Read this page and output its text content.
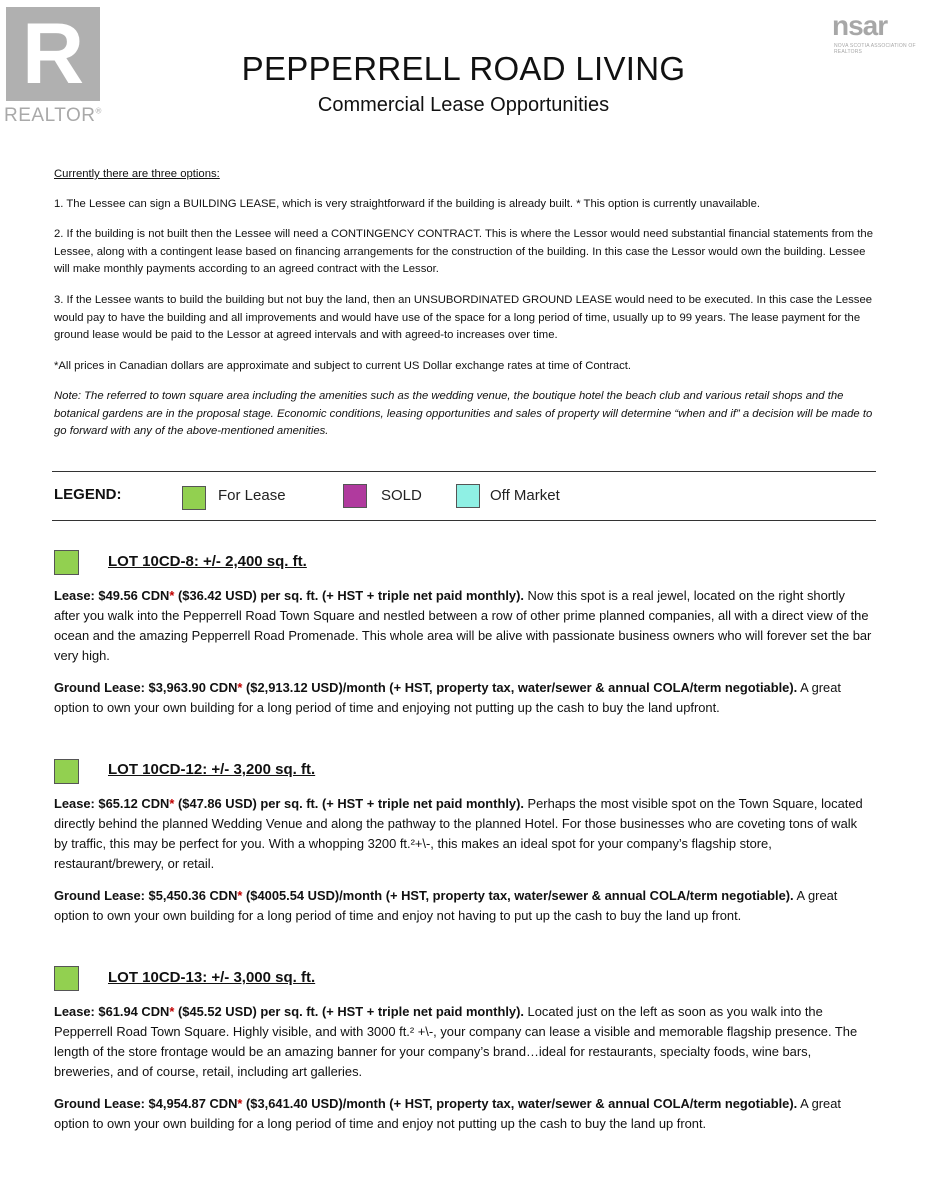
R
REALTOR®
nsar
NOVA SCOTIA ASSOCIATION OF REALTORS
PEPPERRELL ROAD LIVING
Commercial Lease Opportunities
Currently there are three options:
1. The Lessee can sign a BUILDING LEASE, which is very straightforward if the building is already built. * This option is currently unavailable.
2. If the building is not built then the Lessee will need a CONTINGENCY CONTRACT. This is where the Lessor would need substantial financial statements from the Lessee, along with a contingent lease based on financing arrangements for the construction of the building. In this case the Lessor would own the building. Lessee will make monthly payments according to an agreed contract with the Lessor.
3. If the Lessee wants to build the building but not buy the land, then an UNSUBORDINATED GROUND LEASE would need to be executed. In this case the Lessee would pay to have the building and all improvements and would have use of the space for a long period of time, usually up to 99 years. The lease payment for the ground lease would be paid to the Lessor at agreed intervals and with agreed-to increases over time.
*All prices in Canadian dollars are approximate and subject to current US Dollar exchange rates at time of Contract.
Note: The referred to town square area including the amenities such as the wedding venue, the boutique hotel the beach club and various retail shops and the botanical gardens are in the proposal stage. Economic conditions, leasing opportunities and sales of property will determine “when and if” a decision will be made to go forward with any of the above-mentioned amenities.
LEGEND:	For Lease	SOLD	Off Market
LOT 10CD-8: +/- 2,400 sq. ft.
Lease: $49.56 CDN* ($36.42 USD) per sq. ft. (+ HST + triple net paid monthly). Now this spot is a real jewel, located on the right shortly after you walk into the Pepperrell Road Town Square and nestled between a row of other prime planned companies, all with a direct view of the ocean and the amazing Pepperrell Road Promenade. This whole area will be alive with passionate business owners who will forever set the bar very high.
Ground Lease: $3,963.90 CDN* ($2,913.12 USD)/month (+ HST, property tax, water/sewer & annual COLA/term negotiable). A great option to own your own building for a long period of time and enjoying not putting up the cash to buy the land upfront.
LOT 10CD-12: +/- 3,200 sq. ft.
Lease: $65.12 CDN* ($47.86 USD) per sq. ft. (+ HST + triple net paid monthly). Perhaps the most visible spot on the Town Square, located directly behind the planned Wedding Venue and along the pathway to the planned Hotel. For those businesses who are coveting tons of walk by traffic, this may be perfect for you. With a whopping 3200 ft.²+\-, this makes an ideal spot for your company’s flagship store, restaurant/brewery, or retail.
Ground Lease: $5,450.36 CDN* ($4005.54 USD)/month (+ HST, property tax, water/sewer & annual COLA/term negotiable). A great option to own your own building for a long period of time and enjoy not having to put up the cash to buy the land up front.
LOT 10CD-13: +/- 3,000 sq. ft.
Lease: $61.94 CDN* ($45.52 USD) per sq. ft. (+ HST + triple net paid monthly). Located just on the left as soon as you walk into the Pepperrell Road Town Square. Highly visible, and with 3000 ft.² +\-, your company can lease a visible and memorable flagship presence. The length of the store frontage would be an amazing banner for your company’s brand…ideal for restaurants, specialty foods, wine bars, breweries, and of course, retail, including art galleries.
Ground Lease: $4,954.87 CDN* ($3,641.40 USD)/month (+ HST, property tax, water/sewer & annual COLA/term negotiable). A great option to own your own building for a long period of time and enjoy not putting up the cash to buy the land up front.
